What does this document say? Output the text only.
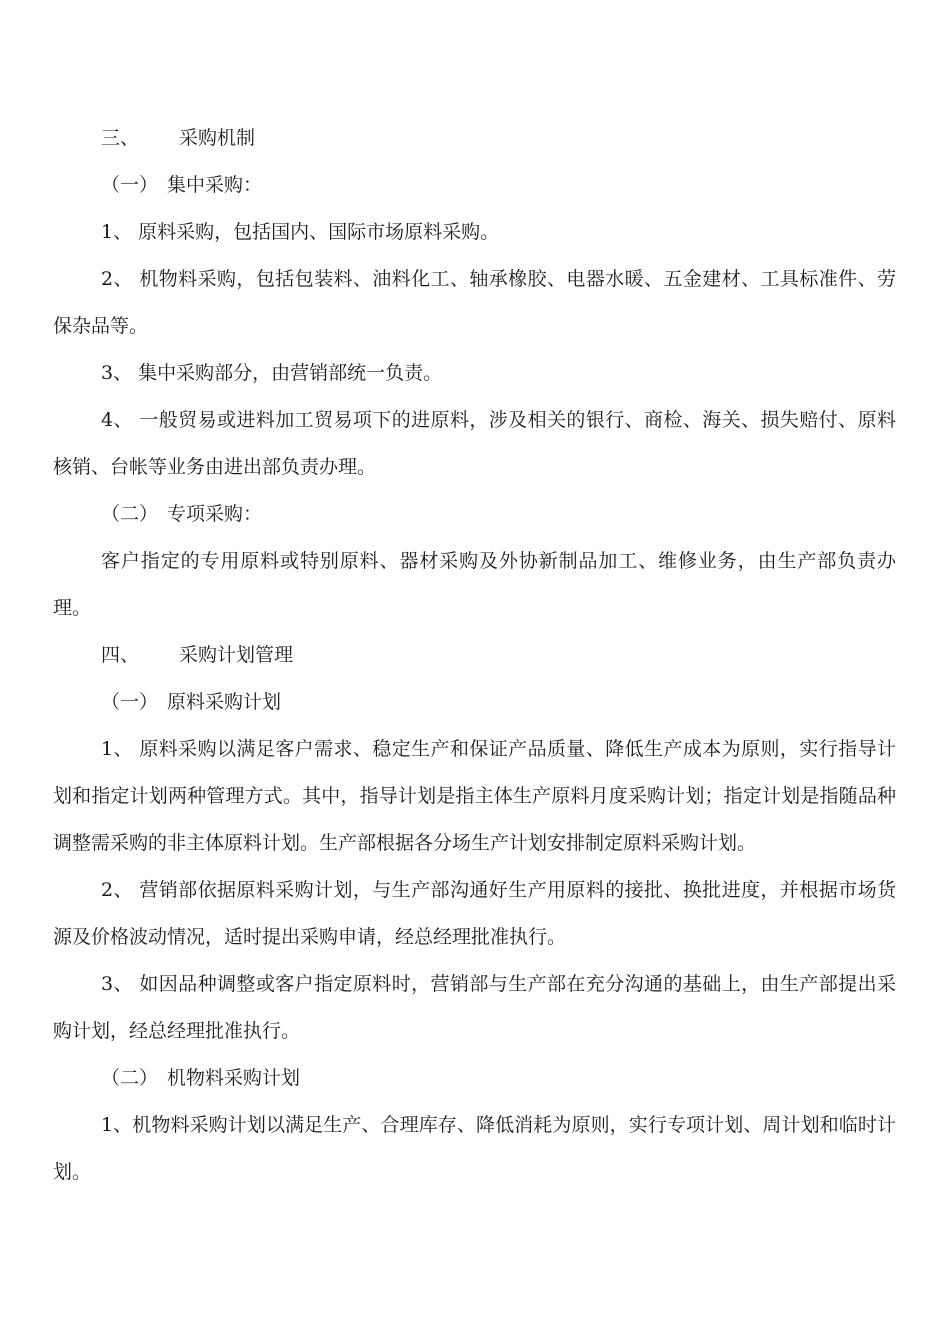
三、 采购机制
（一） 集中采购：

1、 原料采购，包括国内、国际市场原料采购。

2、 机物料采购，包括包装料、油料化工、轴承橡胶、电器水暖、五金建材、工具标准件、劳保杂品等。

3、 集中采购部分，由营销部统一负责。

4、 一般贸易或进料加工贸易项下的进原料，涉及相关的银行、商检、海关、损失赔付、原料核销、台帐等业务由进出部负责办理。

（二） 专项采购：

客户指定的专用原料或特别原料、器材采购及外协新制品加工、维修业务，由生产部负责办理。

四、 采购计划管理
（一） 原料采购计划

1、 原料采购以满足客户需求、稳定生产和保证产品质量、降低生产成本为原则，实行指导计划和指定计划两种管理方式。其中，指导计划是指主体生产原料月度采购计划；指定计划是指随品种调整需采购的非主体原料计划。生产部根据各分场生产计划安排制定原料采购计划。

2、 营销部依据原料采购计划，与生产部沟通好生产用原料的接批、换批进度，并根据市场货源及价格波动情况，适时提出采购申请，经总经理批准执行。

3、 如因品种调整或客户指定原料时，营销部与生产部在充分沟通的基础上，由生产部提出采购计划，经总经理批准执行。

（二） 机物料采购计划

1、机物料采购计划以满足生产、合理库存、降低消耗为原则，实行专项计划、周计划和临时计划。
